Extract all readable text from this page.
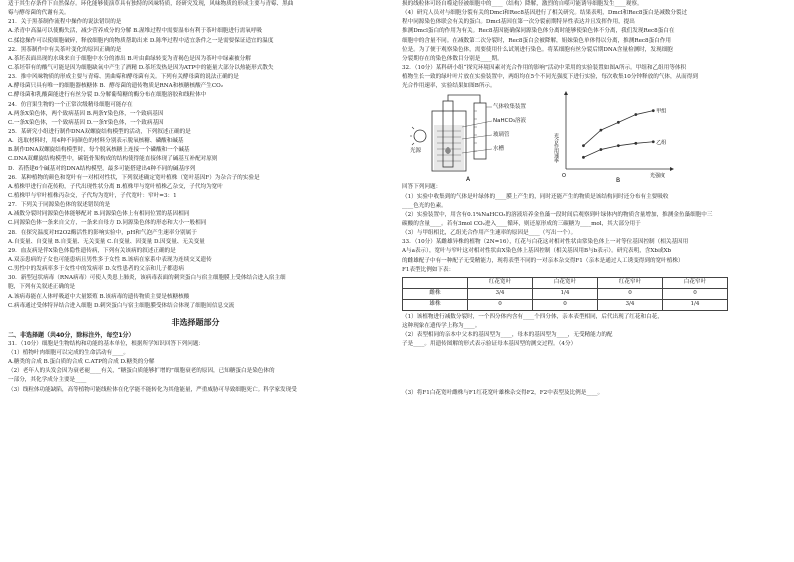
适于其生存条件下自然保存。环化能够使演草具有独特的风味特质，经研究发现，风味物质的形成主要与青霉、黑曲
霉与酵母菌的代谢有关。
21．关于黑茶制作流程中操作的说法错误的是
A.杀青中高温可以使酶失活，减少营养成分的分解 B.渥堆过程中需要湿布有利于茶叶细胞进行需氧呼吸
C.揉捻操作可以使细胞破碎，释放细胞内的物质帮助出来 D.陈华过程中适宜条件之一是需要保证适宜的温度
22．黑茶制作中有关茶叶变化的原因正确的是
A.茶坯表面出现的水珠来自于细胞中水分的渗出 B.叶由曲绿转变为青褐色是因为茶叶中绿素被分解
C.茶坯带有的酸气可能是因为细胞缺氧中产生了酒精 D.茶坯发热是因为ATP中的能量大部分以热能形式散失
23．推中风味物质的形成主要与青霉、黑曲霉和酵母菌有关。下列有关酵母菌的说法正确的是
A.酵母菌只具有唯一的细胞器核糖体 B．酵母菌的遗传物质是RNA和核糖核酸产生CO₂
C.酵母菌和乳酸菌能进行有丝分裂 D.分解葡萄糖的酶分布在细胞溶胶和线粒体中
24．仿宫果生物的一个正常次级精母细胞可能存在
A.两条X染色体，两个致病基因 B.两条Y染色体，一个致病基因
C.一条X染色体，一个致病基因 D.一条Y染色体，一个致病基因
25．某研究小组进行制作DNA双螺旋结构模型的活动，下列叙述正确的是
A．选取材料时，用4种不同颜色的材料分别表示脱氧核糖、磷酸和碱基
B.制作DNA双螺旋结构模型时，每个脱氧核糖上连接一个磷酸和一个碱基
C.DNA双螺旋结构模型中，碳链骨架构成的结构使得能直接体现了碱基互补配对原则
D．若搭建6个碱基对的DNA结构模型，最多可能搭建出4种不同的碱基序列
26．某种植物的颜色和宽叶有一对相对性状，下列叙述确定宽叶植株（宽叶基因F）为杂合子的实验是
A.植株甲进行自花传粉，子代出现性状分离 B.植株甲与宽叶植株乙杂交，子代均为宽叶
C.植株甲与窄叶植株丙杂交，子代均为宽叶，子代宽叶：窄叶=3：1
27．下列关于同源染色体的叙述错误的是
A.减数分裂时同源染色体能够配对 B.同源染色体上有相同位置的基因相同
C.同源染色体一条来自父方，一条来自母方 D.同源染色体的形态和大小一般相同
28．在探究温度对H2O2酶活性的影响实验中，pH和气泡产生速率分别属于
A.自变量、自变量 B.自变量、无关变量 C.自变量、因变量 D.因变量、无关变量
29．血友病是伴X染色体隐性遗传病，下列有关该病的叙述正确的是
A.双亲患病的子女也可能患病且男性多于女性 B.该病在家系中表现为连续交叉遗传
C.男性中的发病率多于女性中的发病率 D.女性患者的父亲和儿子都患病
30．新型冠状病毒（RNA病毒）可使人类患上肺炎，该病毒表面的刺突蛋白与宿主细胞膜上受体结合进入宿主细
胞，下列有关叙述正确的是
A.该病毒能在人体呼吸道中大量繁殖 B.该病毒的遗传物质主要是核糖核酸
C.病毒通过受体特异结合进入细胞 D.刺突蛋白与宿主细胞膜受体结合体现了细胞间信息交流
非选择题部分
二、非选择题（共40分，除标注外，每空1分）
31．（10分）细胞是生物结构和功能的基本单位，根据所学知识回答下列问题：
（1）植物叶肉细胞可以完成的生命活动有____。
A.糖类的合成 B.蛋白质的合成 C.ATP的合成 D.糖类的分解
（2）老年人的头发会因为衰老褪____有关，“糖蛋白质能够扩增的”细胞衰老的原因，已知糖蛋白是染色体的
一部分，其化学成分主要是____
（3）线粒体功能缺陷，高等植物可能线粒体在化学能不能转化为其他能量，严重威胁可导致细胞死亡。科学家发现受
损的线粒体可经自噬途径被细胞中的____（结构）降解，激烈的自噬可能诱导细胞发生____观察。
（4）研究人员对与细胞分裂有关的Dmcl和Rec8基因进行了相关研究。结果表明，Dmcl和Rec8蛋白是减数分裂过
程中同源染色体联会有关的蛋白。Dmcl基因在第一次分裂前期特异性表达并且发挥作用，提出
推测Dmcl蛋白的作用为有关。Rec8基因能确保同源染色体分离时能够使染色体不分离，我们发现Rec8蛋白在
细胞中的含量不同。在减数第二次分裂时，Rec8蛋白会被降解，姐妹染色单体得以分离，推测Rec8蛋白作用
位是。为了便于观察染色体，需要使用什么试剂进行染色。将某细胞有丝分裂后期DNA含量检测时，发现细胞
分裂期存在的染色体数目分别是____期。
32．（10分）某科研小组“探究环境因素对光合作用的影响”活动中采用的实验装置如图A所示。甲组和乙组用等体积
植物生长一致的绿叶叶片放在实验装置中，两组均在5个不同光强度下进行实验，每次收集10分钟释放的气体，从而得到
光合作用速率，实验结果如图B所示。
A
气体收集装置
光源
NaHCO₃溶液
玻璃管
水槽	光合作用速率
光强度
O
B
甲组
乙组
回答下列问题：
（1）实验中收集到的气体是叶绿体的____膜上产生的，同时还能产生的物质是该结构同时还分布有主要吸收
____色光的色素。
（2）实验装置中，用含有0.1%NaHCO₃的溶液培养金鱼藻一段时间后观察到叶绿体内的物质含量增加，推测金鱼藻细胞中三
碳酸的含量____。若有3mol CO₂进入____循环，则还原形成的三碳糖为____mol，其大部分用于
（3）与甲组相比，乙组光合作用产生速率的原因是____（写出一个）。
33．（10分）某雌雄异株的植物（2N=16），红花与白花这对相对性状由常染色体上一对等位基因控制（相关基因用
A与a表示），宽叶与窄叶这对相对性状由X染色体上基因控制（相关基因用B与b表示）。研究表明，含Xb或Xb
的雌雄配子中有一种配子无受精能力，现将表型不同的一对亲本杂交得F1（亲本是通过人工诱变得到的宽叶植株）
F1表型比例如下表：
	红花宽叶	白花宽叶	红花窄叶	白花窄叶
雌株	3/4	1/4	0	0
雄株	0	0	3/4	1/4
（1）该植物进行减数分裂时，一个四分体内含有____个四分体，亲本表型相同，后代出现了红花和白花，
这种现象在遗传学上称为____。
（2）表型相同的亲本中父本的基因型为____，母本的基因型为____，无受精能力的配
子是____。用遗传图解的形式表示验证母本基因型的测交过程。（4分）
（3）将F1白花宽叶雌株与F1红花宽叶雄株杂交得F2，F2中表型及比例是____。
